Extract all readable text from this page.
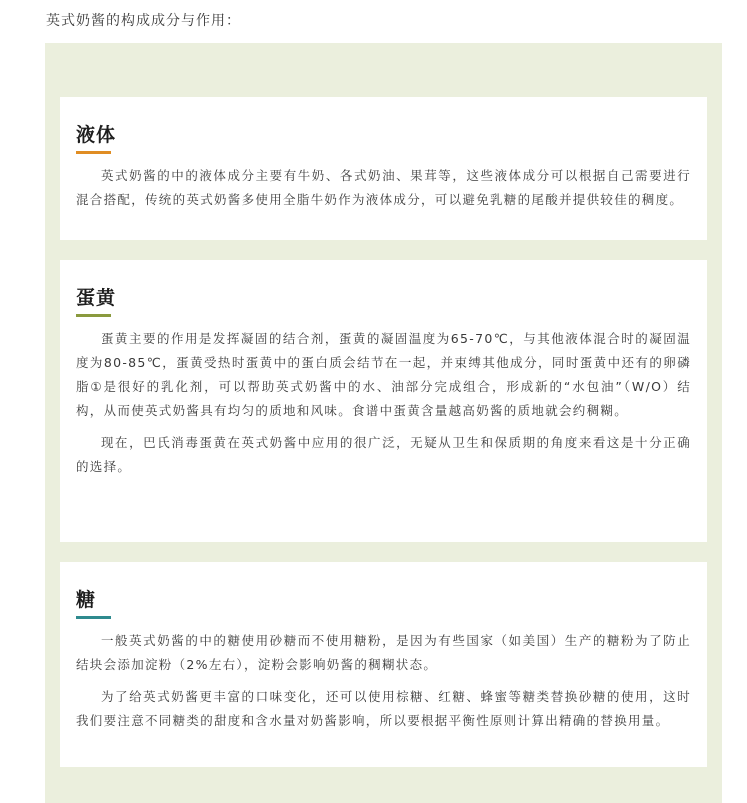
英式奶酱的构成成分与作用：
液体

英式奶酱的中的液体成分主要有牛奶、各式奶油、果茸等，这些液体成分可以根据自己需要进行混合搭配，传统的英式奶酱多使用全脂牛奶作为液体成分，可以避免乳糖的尾酸并提供较佳的稠度。

蛋黄

蛋黄主要的作用是发挥凝固的结合剂，蛋黄的凝固温度为65-70℃，与其他液体混合时的凝固温度为80-85℃，蛋黄受热时蛋黄中的蛋白质会结节在一起，并束缚其他成分，同时蛋黄中还有的卵磷脂①是很好的乳化剂，可以帮助英式奶酱中的水、油部分完成组合，形成新的“水包油”（W/O）结构，从而使英式奶酱具有均匀的质地和风味。食谱中蛋黄含量越高奶酱的质地就会约稠糊。

现在，巴氏消毒蛋黄在英式奶酱中应用的很广泛，无疑从卫生和保质期的角度来看这是十分正确的选择。

糖

一般英式奶酱的中的糖使用砂糖而不使用糖粉，是因为有些国家（如美国）生产的糖粉为了防止结块会添加淀粉（2%左右），淀粉会影响奶酱的稠糊状态。

为了给英式奶酱更丰富的口味变化，还可以使用棕糖、红糖、蜂蜜等糖类替换砂糖的使用，这时我们要注意不同糖类的甜度和含水量对奶酱影响，所以要根据平衡性原则计算出精确的替换用量。
